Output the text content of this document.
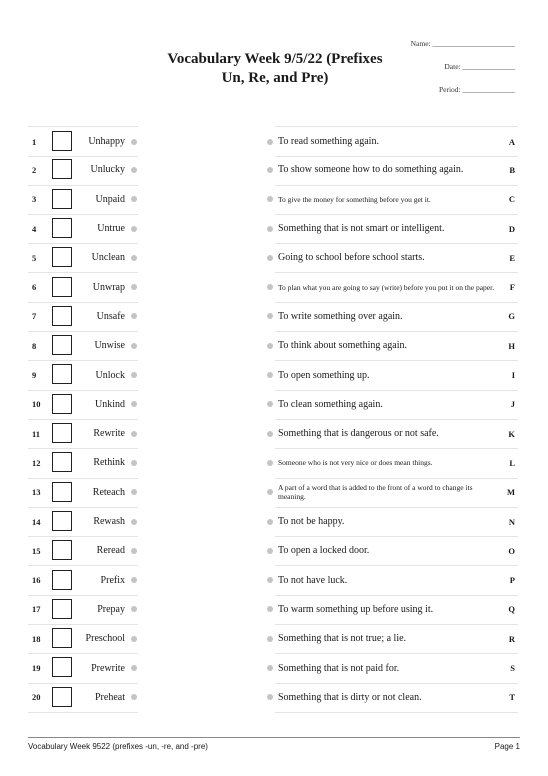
Vocabulary Week 9/5/22 (Prefixes
Un, Re, and Pre)
Name: ______________________
Date: ______________
Period: ______________
1	Unhappy	To read something again.	A
2	Unlucky	To show someone how to do something again.	B
3	Unpaid	To give the money for something before you get it.	C
4	Untrue	Something that is not smart or intelligent.	D
5	Unclean	Going to school before school starts.	E
6	Unwrap	To plan what you are going to say (write) before you put it on the paper. F
7	Unsafe	To write something over again.	G
8	Unwise	To think about something again.	H
9	Unlock	To open something up.	I
10	Unkind	To clean something again.	J
11	Rewrite	Something that is dangerous or not safe.	K
12	Rethink	Someone who is not very nice or does mean things.	L
13	Reteach	A part of a word that is added to the front of a word to change its meaning.	M
14	Rewash	To not be happy.	N
15	Reread	To open a locked door.	O
16	Prefix	To not have luck.	P
17	Prepay	To warm something up before using it.	Q
18	Preschool	Something that is not true; a lie.	R
19	Prewrite	Something that is not paid for.	S
20	Preheat	Something that is dirty or not clean.	T
Vocabulary Week 9522 (prefixes -un, -re, and -pre)	Page 1
